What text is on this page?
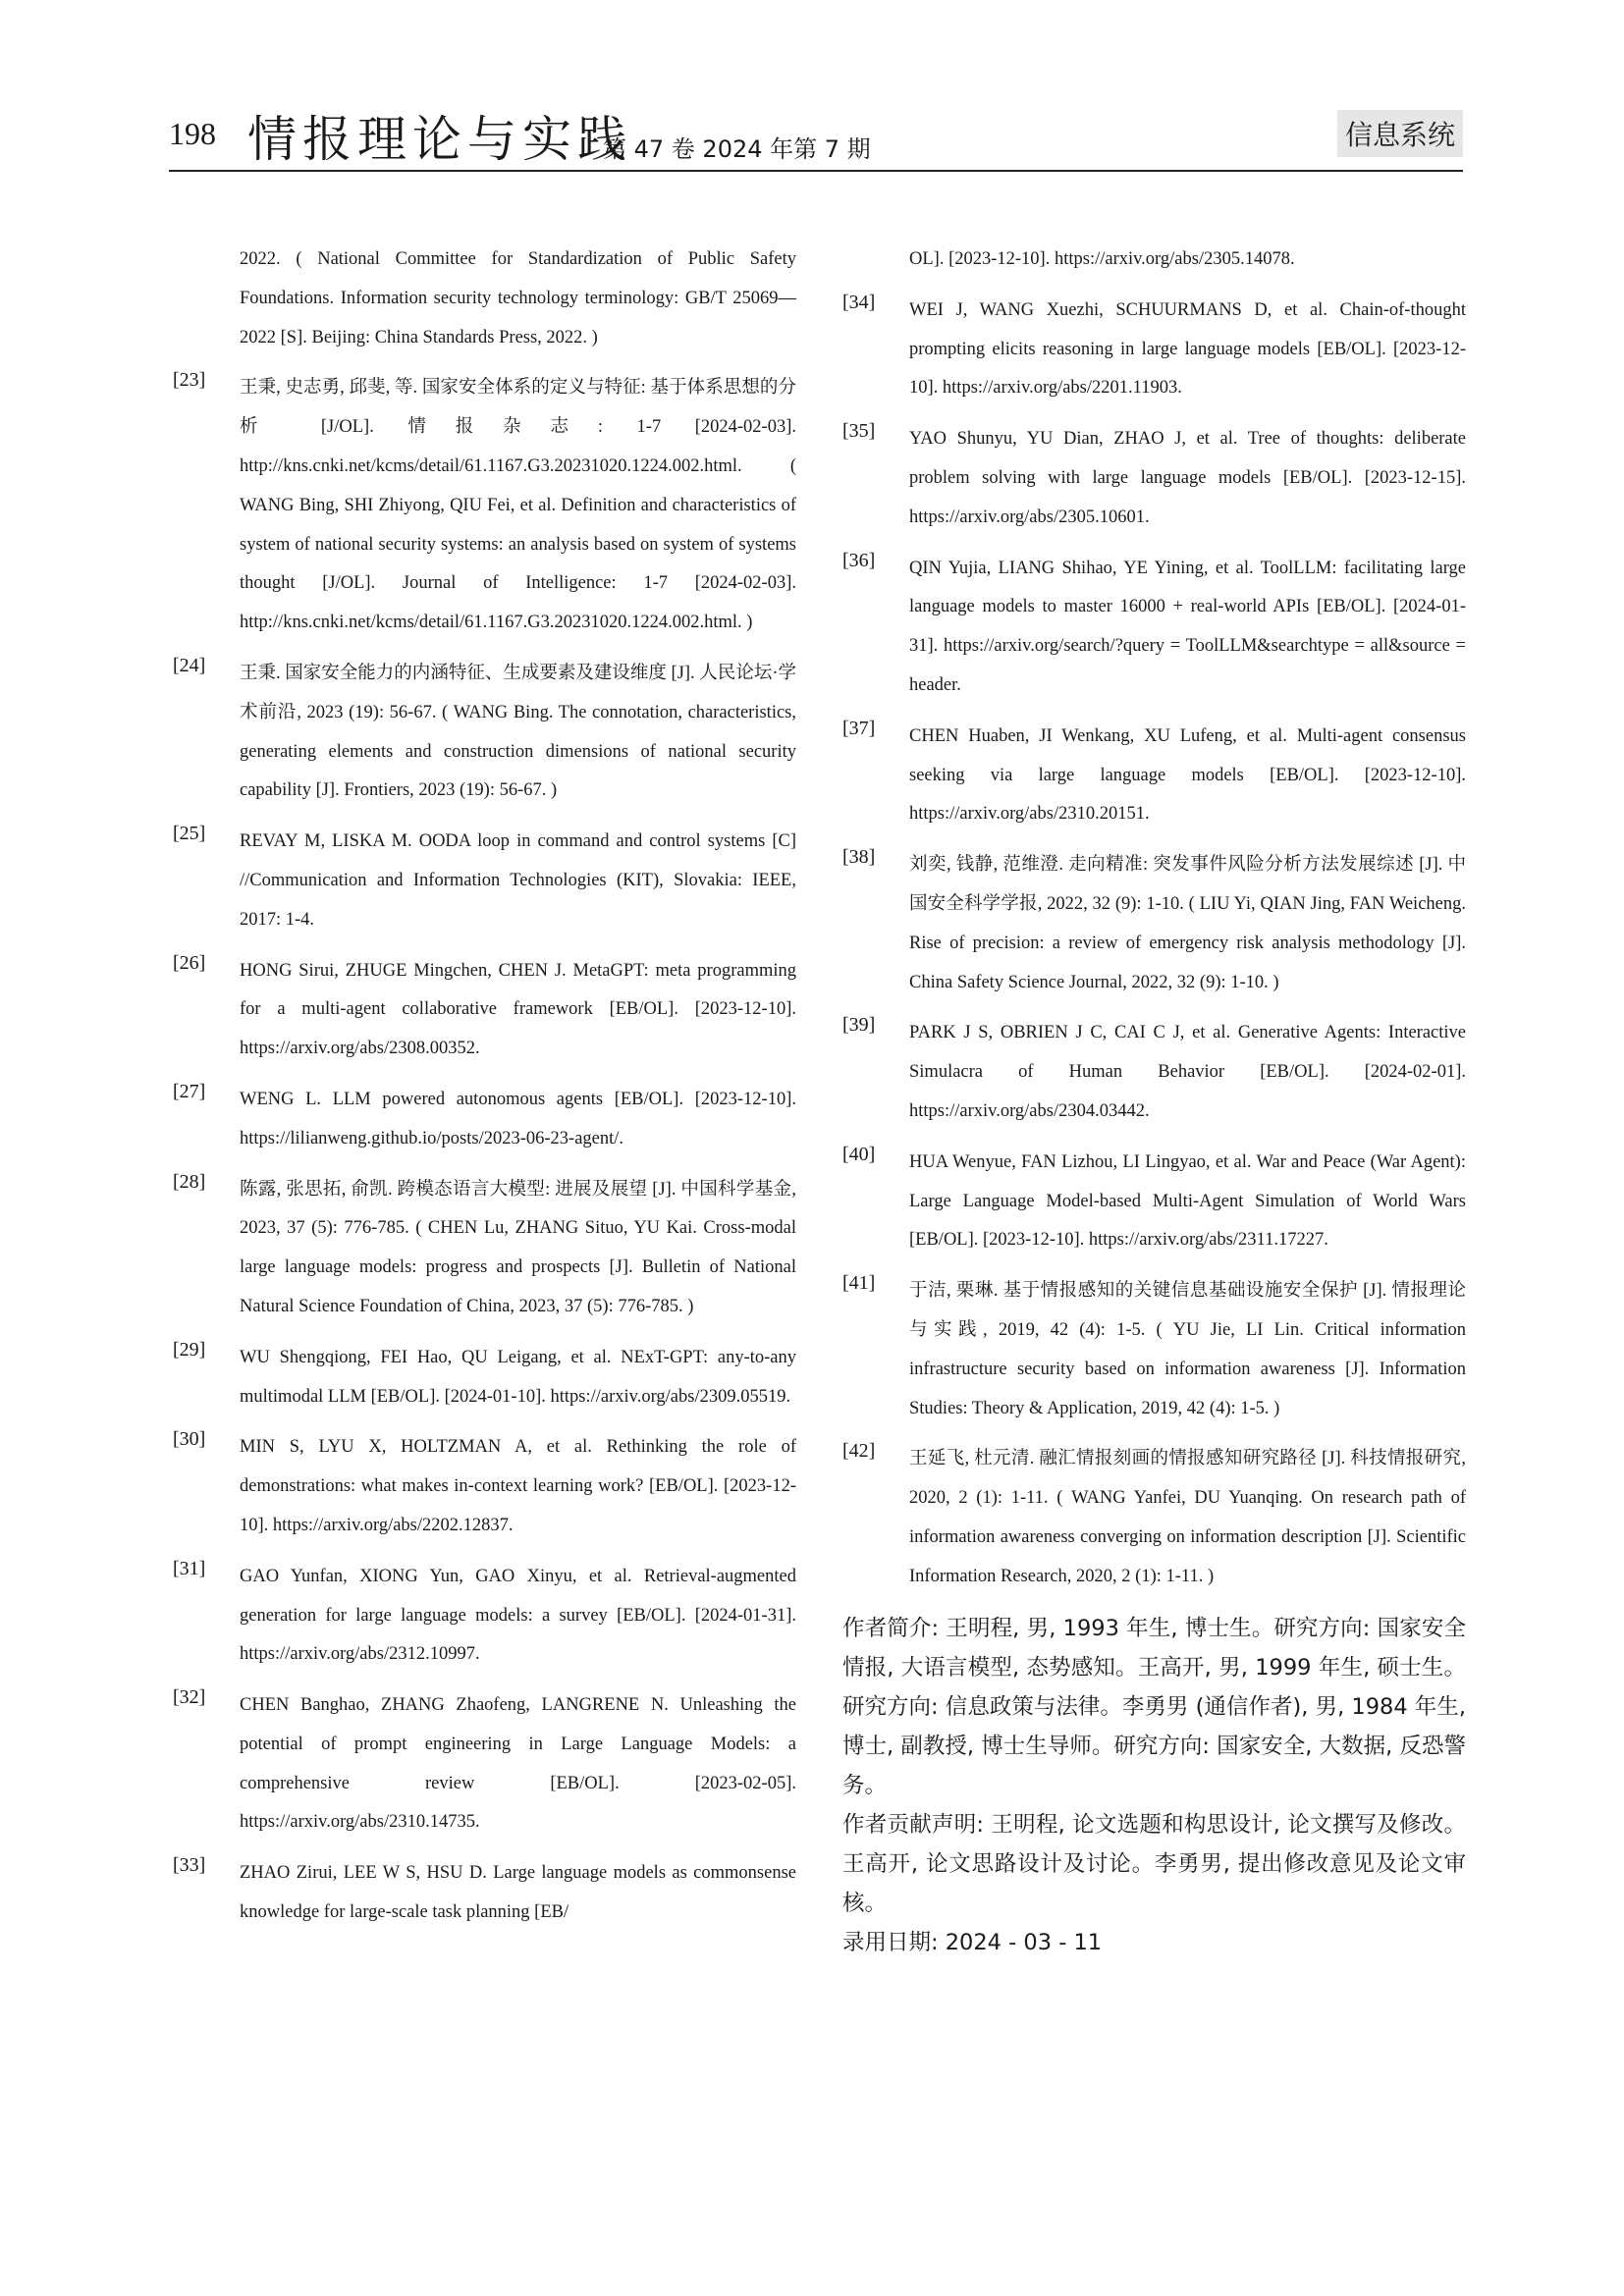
198 情报理论与实践
第 47 卷 2024 年第 7 期	信息系统
2022. ( National Committee for Standardization of Public Safety Foundations. Information security technology terminology: GB/T 25069—2022 [S]. Beijing: China Standards Press, 2022. )
[23] 王秉, 史志勇, 邱斐, 等. 国家安全体系的定义与特征: 基于体系思想的分析 [J/OL]. 情报杂志: 1-7 [2024-02-03]. http://kns.cnki.net/kcms/detail/61.1167.G3.20231020.1224.002.html. ( WANG Bing, SHI Zhiyong, QIU Fei, et al. Definition and characteristics of system of national security systems: an analysis based on system of systems thought [J/OL]. Journal of Intelligence: 1-7 [2024-02-03]. http://kns.cnki.net/kcms/detail/61.1167.G3.20231020.1224.002.html. )
[24] 王秉. 国家安全能力的内涵特征、生成要素及建设维度 [J]. 人民论坛·学术前沿, 2023 (19): 56-67. ( WANG Bing. The connotation, characteristics, generating elements and construction dimensions of national security capability [J]. Frontiers, 2023 (19): 56-67. )
[25] REVAY M, LISKA M. OODA loop in command and control systems [C] //Communication and Information Technologies (KIT), Slovakia: IEEE, 2017: 1-4.
[26] HONG Sirui, ZHUGE Mingchen, CHEN J. MetaGPT: meta programming for a multi-agent collaborative framework [EB/OL]. [2023-12-10]. https://arxiv.org/abs/2308.00352.
[27] WENG L. LLM powered autonomous agents [EB/OL]. [2023-12-10]. https://lilianweng.github.io/posts/2023-06-23-agent/.
[28] 陈露, 张思拓, 俞凯. 跨模态语言大模型: 进展及展望 [J]. 中国科学基金, 2023, 37 (5): 776-785. ( CHEN Lu, ZHANG Situo, YU Kai. Cross-modal large language models: progress and prospects [J]. Bulletin of National Natural Science Foundation of China, 2023, 37 (5): 776-785. )
[29] WU Shengqiong, FEI Hao, QU Leigang, et al. NExT-GPT: any-to-any multimodal LLM [EB/OL]. [2024-01-10]. https://arxiv.org/abs/2309.05519.
[30] MIN S, LYU X, HOLTZMAN A, et al. Rethinking the role of demonstrations: what makes in-context learning work? [EB/OL]. [2023-12-10]. https://arxiv.org/abs/2202.12837.
[31] GAO Yunfan, XIONG Yun, GAO Xinyu, et al. Retrieval-augmented generation for large language models: a survey [EB/OL]. [2024-01-31]. https://arxiv.org/abs/2312.10997.
[32] CHEN Banghao, ZHANG Zhaofeng, LANGRENE N. Unleashing the potential of prompt engineering in Large Language Models: a comprehensive review [EB/OL]. [2023-02-05]. https://arxiv.org/abs/2310.14735.
[33] ZHAO Zirui, LEE W S, HSU D. Large language models as commonsense knowledge for large-scale task planning [EB/
OL]. [2023-12-10]. https://arxiv.org/abs/2305.14078.
[34] WEI J, WANG Xuezhi, SCHUURMANS D, et al. Chain-of-thought prompting elicits reasoning in large language models [EB/OL]. [2023-12-10]. https://arxiv.org/abs/2201.11903.
[35] YAO Shunyu, YU Dian, ZHAO J, et al. Tree of thoughts: deliberate problem solving with large language models [EB/OL]. [2023-12-15]. https://arxiv.org/abs/2305.10601.
[36] QIN Yujia, LIANG Shihao, YE Yining, et al. ToolLLM: facilitating large language models to master 16000 + real-world APIs [EB/OL]. [2024-01-31]. https://arxiv.org/search/?query = ToolLLM&searchtype = all&source = header.
[37] CHEN Huaben, JI Wenkang, XU Lufeng, et al. Multi-agent consensus seeking via large language models [EB/OL]. [2023-12-10]. https://arxiv.org/abs/2310.20151.
[38] 刘奕, 钱静, 范维澄. 走向精准: 突发事件风险分析方法发展综述 [J]. 中国安全科学学报, 2022, 32 (9): 1-10. ( LIU Yi, QIAN Jing, FAN Weicheng. Rise of precision: a review of emergency risk analysis methodology [J]. China Safety Science Journal, 2022, 32 (9): 1-10. )
[39] PARK J S, OBRIEN J C, CAI C J, et al. Generative Agents: Interactive Simulacra of Human Behavior [EB/OL]. [2024-02-01]. https://arxiv.org/abs/2304.03442.
[40] HUA Wenyue, FAN Lizhou, LI Lingyao, et al. War and Peace (War Agent): Large Language Model-based Multi-Agent Simulation of World Wars [EB/OL]. [2023-12-10]. https://arxiv.org/abs/2311.17227.
[41] 于洁, 栗琳. 基于情报感知的关键信息基础设施安全保护 [J]. 情报理论与实践, 2019, 42 (4): 1-5. ( YU Jie, LI Lin. Critical information infrastructure security based on information awareness [J]. Information Studies: Theory & Application, 2019, 42 (4): 1-5. )
[42] 王延飞, 杜元清. 融汇情报刻画的情报感知研究路径 [J]. 科技情报研究, 2020, 2 (1): 1-11. ( WANG Yanfei, DU Yuanqing. On research path of information awareness converging on information description [J]. Scientific Information Research, 2020, 2 (1): 1-11. )

作者简介: 王明程, 男, 1993 年生, 博士生。研究方向: 国家安全情报, 大语言模型, 态势感知。王高开, 男, 1999 年生, 硕士生。研究方向: 信息政策与法律。李勇男 (通信作者), 男, 1984 年生, 博士, 副教授, 博士生导师。研究方向: 国家安全, 大数据, 反恐警务。

作者贡献声明: 王明程, 论文选题和构思设计, 论文撰写及修改。王高开, 论文思路设计及讨论。李勇男, 提出修改意见及论文审核。

录用日期: 2024 - 03 - 11
